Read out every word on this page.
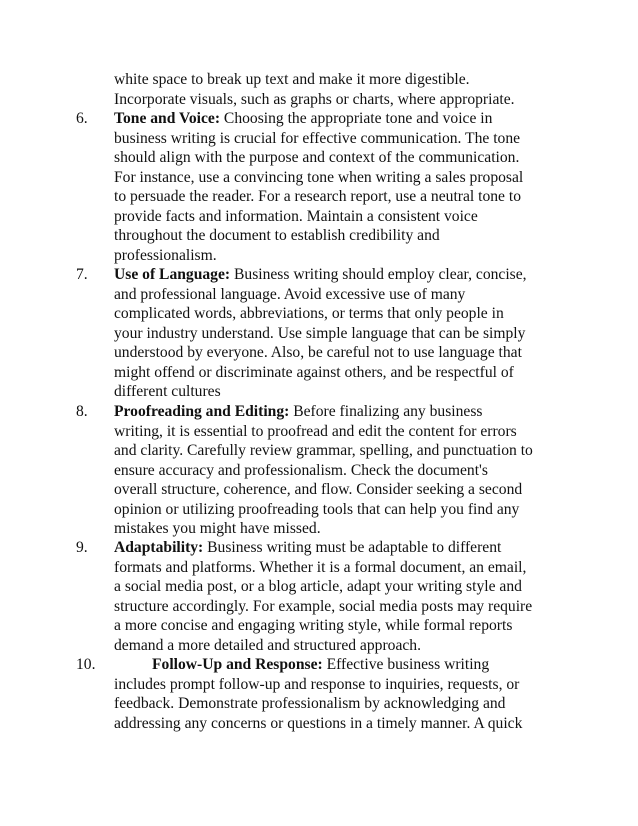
white space to break up text and make it more digestible.
Incorporate visuals, such as graphs or charts, where appropriate.
6. Tone and Voice: Choosing the appropriate tone and voice in
business writing is crucial for effective communication. The tone
should align with the purpose and context of the communication.
For instance, use a convincing tone when writing a sales proposal
to persuade the reader. For a research report, use a neutral tone to
provide facts and information. Maintain a consistent voice
throughout the document to establish credibility and
professionalism.
7. Use of Language: Business writing should employ clear, concise,
and professional language. Avoid excessive use of many
complicated words, abbreviations, or terms that only people in
your industry understand. Use simple language that can be simply
understood by everyone. Also, be careful not to use language that
might offend or discriminate against others, and be respectful of
different cultures
8. Proofreading and Editing: Before finalizing any business
writing, it is essential to proofread and edit the content for errors
and clarity. Carefully review grammar, spelling, and punctuation to
ensure accuracy and professionalism. Check the document's
overall structure, coherence, and flow. Consider seeking a second
opinion or utilizing proofreading tools that can help you find any
mistakes you might have missed.
9. Adaptability: Business writing must be adaptable to different
formats and platforms. Whether it is a formal document, an email,
a social media post, or a blog article, adapt your writing style and
structure accordingly. For example, social media posts may require
a more concise and engaging writing style, while formal reports
demand a more detailed and structured approach.
10.	Follow-Up and Response: Effective business writing
includes prompt follow-up and response to inquiries, requests, or
feedback. Demonstrate professionalism by acknowledging and
addressing any concerns or questions in a timely manner. A quick
